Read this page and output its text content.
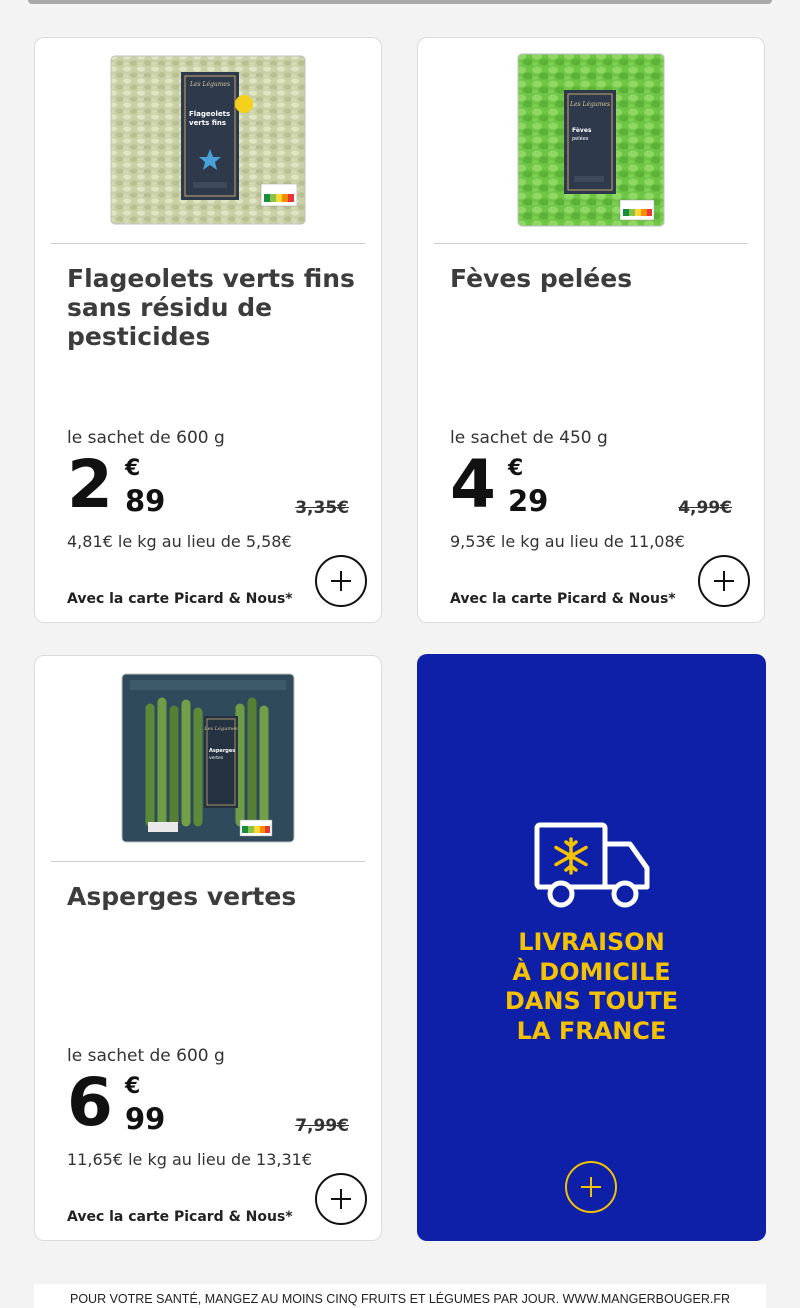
Les Légumes
Flageolets
verts fins
Flageolets verts fins sans résidu de pesticides
le sachet de 600 g
2 €
89	3,35€
4,81€ le kg au lieu de 5,58€
Avec la carte Picard & Nous*
Les Légumes
Fèves
pelées
Fèves pelées
le sachet de 450 g
4 €
29	4,99€
9,53€ le kg au lieu de 11,08€
Avec la carte Picard & Nous*
Les Légumes
Asperges
vertes
Asperges vertes
le sachet de 600 g
6 €
99	7,99€
11,65€ le kg au lieu de 13,31€
Avec la carte Picard & Nous*
LIVRAISON
À DOMICILE
DANS TOUTE
LA FRANCE
POUR VOTRE SANTÉ, MANGEZ AU MOINS CINQ FRUITS ET LÉGUMES PAR JOUR. WWW.MANGERBOUGER.FR
